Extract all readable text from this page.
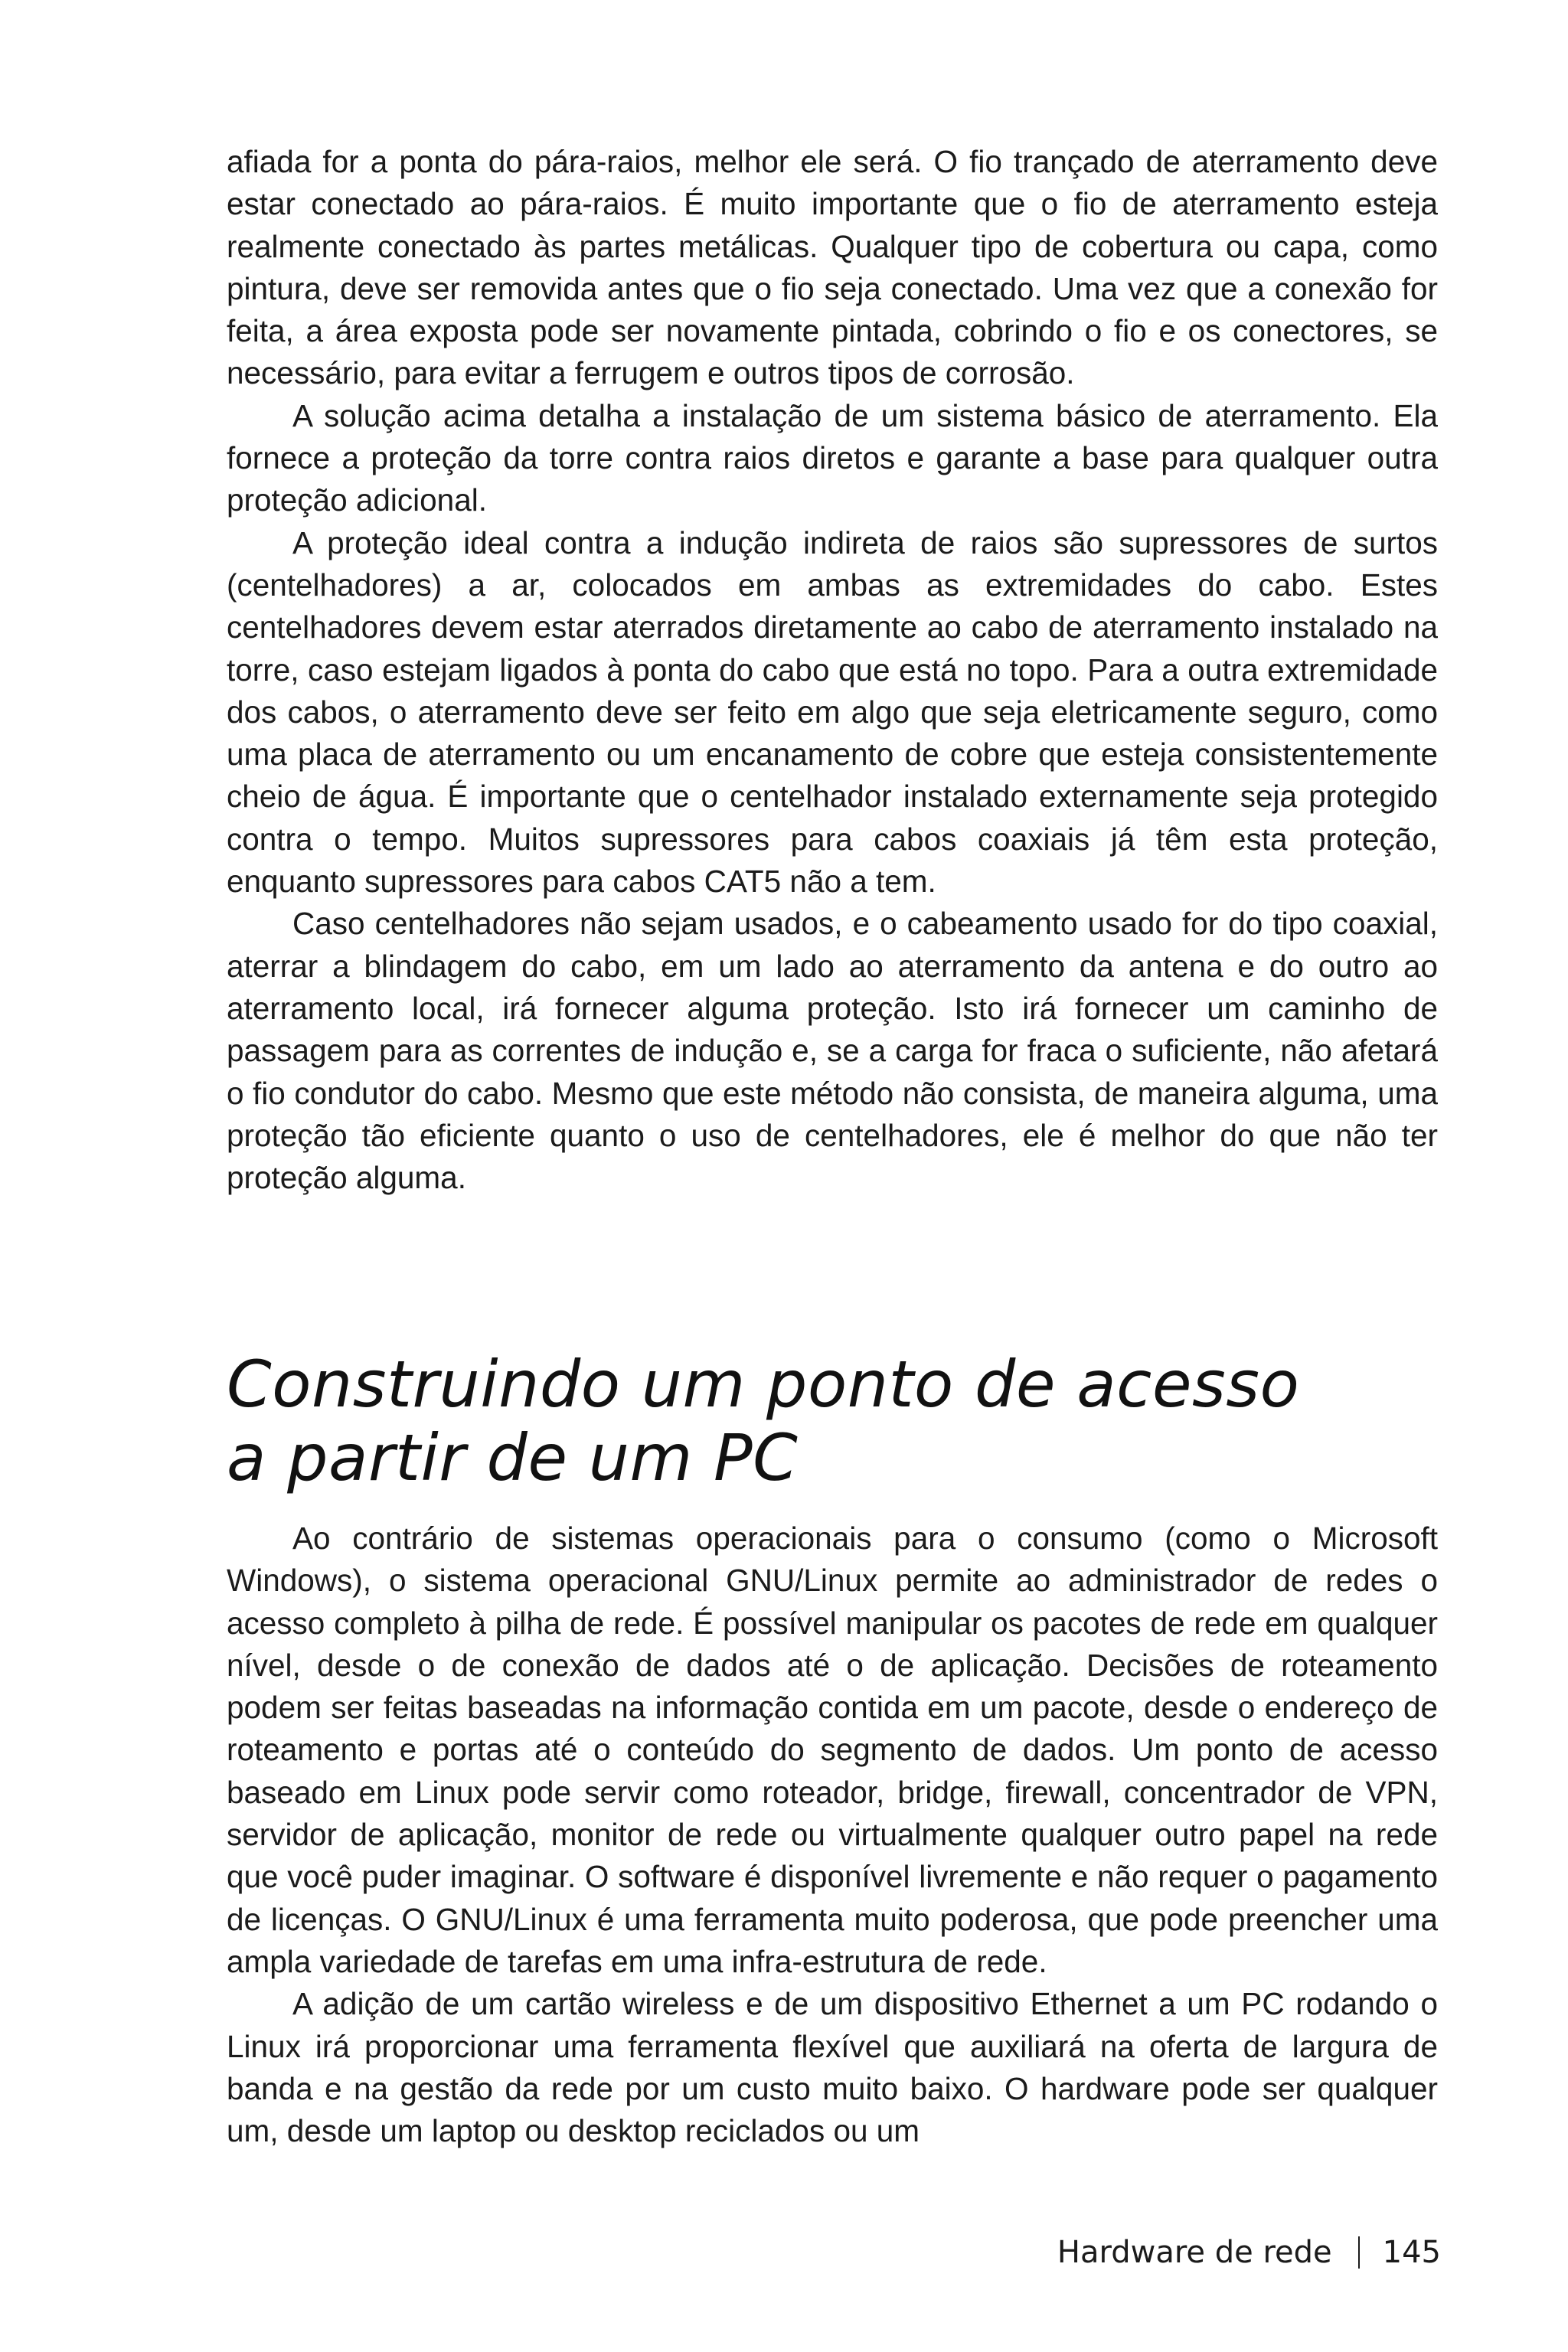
afiada for a ponta do pára-raios, melhor ele será. O fio trançado de aterramento deve estar conectado ao pára-raios. É muito importante que o fio de aterramento esteja realmente conectado às partes metálicas. Qualquer tipo de cobertura ou capa, como pintura, deve ser removida antes que o fio seja conectado. Uma vez que a conexão for feita, a área exposta pode ser novamente pintada, cobrindo o fio e os conectores, se necessário, para evitar a ferrugem e outros tipos de corrosão.

A solução acima detalha a instalação de um sistema básico de aterramento. Ela fornece a proteção da torre contra raios diretos e garante a base para qualquer outra proteção adicional.

A proteção ideal contra a indução indireta de raios são supressores de surtos (centelhadores) a ar, colocados em ambas as extremidades do cabo. Estes centelhadores devem estar aterrados diretamente ao cabo de aterramento instalado na torre, caso estejam ligados à ponta do cabo que está no topo. Para a outra extremidade dos cabos, o aterramento deve ser feito em algo que seja eletricamente seguro, como uma placa de aterramento ou um encanamento de cobre que esteja consistentemente cheio de água. É importante que o centelhador instalado externamente seja protegido contra o tempo. Muitos supressores para cabos coaxiais já têm esta proteção, enquanto supressores para cabos CAT5 não a tem.

Caso centelhadores não sejam usados, e o cabeamento usado for do tipo coaxial, aterrar a blindagem do cabo, em um lado ao aterramento da antena e do outro ao aterramento local, irá fornecer alguma proteção. Isto irá fornecer um caminho de passagem para as correntes de indução e, se a carga for fraca o suficiente, não afetará o fio condutor do cabo. Mesmo que este método não consista, de maneira alguma, uma proteção tão eficiente quanto o uso de centelhadores, ele é melhor do que não ter proteção alguma.

Construindo um ponto de acesso
a partir de um PC

Ao contrário de sistemas operacionais para o consumo (como o Microsoft Windows), o sistema operacional GNU/Linux permite ao administrador de redes o acesso completo à pilha de rede. É possível manipular os pacotes de rede em qualquer nível, desde o de conexão de dados até o de aplicação. Decisões de roteamento podem ser feitas baseadas na informação contida em um pacote, desde o endereço de roteamento e portas até o conteúdo do segmento de dados. Um ponto de acesso baseado em Linux pode servir como roteador, bridge, firewall, concentrador de VPN, servidor de aplicação, monitor de rede ou virtualmente qualquer outro papel na rede que você puder imaginar. O software é disponível livremente e não requer o pagamento de licenças. O GNU/Linux é uma ferramenta muito poderosa, que pode preencher uma ampla variedade de tarefas em uma infra-estrutura de rede.

A adição de um cartão wireless e de um dispositivo Ethernet a um PC rodando o Linux irá proporcionar uma ferramenta flexível que auxiliará na oferta de largura de banda e na gestão da rede por um custo muito baixo. O hardware pode ser qualquer um, desde um laptop ou desktop reciclados ou um

Hardware de rede 145
